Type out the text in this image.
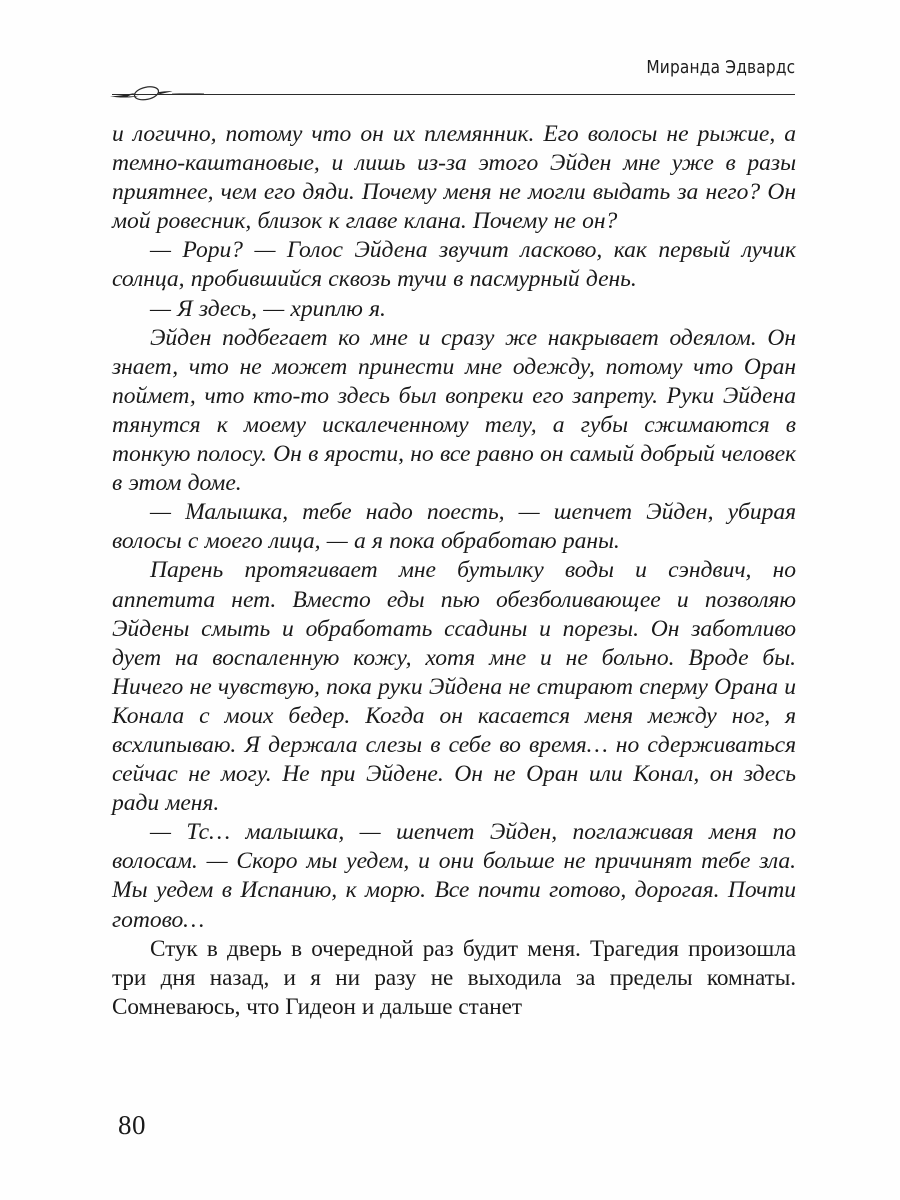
Миранда Эдвардс

и логично, потому что он их племянник. Его волосы не рыжие, а темно-каштановые, и лишь из-за этого Эйден мне уже в разы приятнее, чем его дяди. Почему меня не могли выдать за него? Он мой ровесник, близок к главе клана. Почему не он?

— Рори? — Голос Эйдена звучит ласково, как первый лучик солнца, пробившийся сквозь тучи в пасмурный день.

— Я здесь, — хриплю я.

Эйден подбегает ко мне и сразу же накрывает одеялом. Он знает, что не может принести мне одежду, потому что Оран поймет, что кто-то здесь был вопреки его запрету. Руки Эйдена тянутся к моему искалеченному телу, а губы сжимаются в тонкую полосу. Он в ярости, но все равно он самый добрый человек в этом доме.

— Малышка, тебе надо поесть, — шепчет Эйден, убирая волосы с моего лица, — а я пока обработаю раны.

Парень протягивает мне бутылку воды и сэндвич, но аппетита нет. Вместо еды пью обезболивающее и позволяю Эйдены смыть и обработать ссадины и порезы. Он заботливо дует на воспаленную кожу, хотя мне и не больно. Вроде бы. Ничего не чувствую, пока руки Эйдена не стирают сперму Орана и Конала с моих бедер. Когда он касается меня между ног, я всхлипываю. Я держала слезы в себе во время… но сдерживаться сейчас не могу. Не при Эйдене. Он не Оран или Конал, он здесь ради меня.

— Тс… малышка, — шепчет Эйден, поглаживая меня по волосам. — Скоро мы уедем, и они больше не причинят тебе зла. Мы уедем в Испанию, к морю. Все почти готово, дорогая. Почти готово…

Стук в дверь в очередной раз будит меня. Трагедия произошла три дня назад, и я ни разу не выходила за пределы комнаты. Сомневаюсь, что Гидеон и дальше станет

80
